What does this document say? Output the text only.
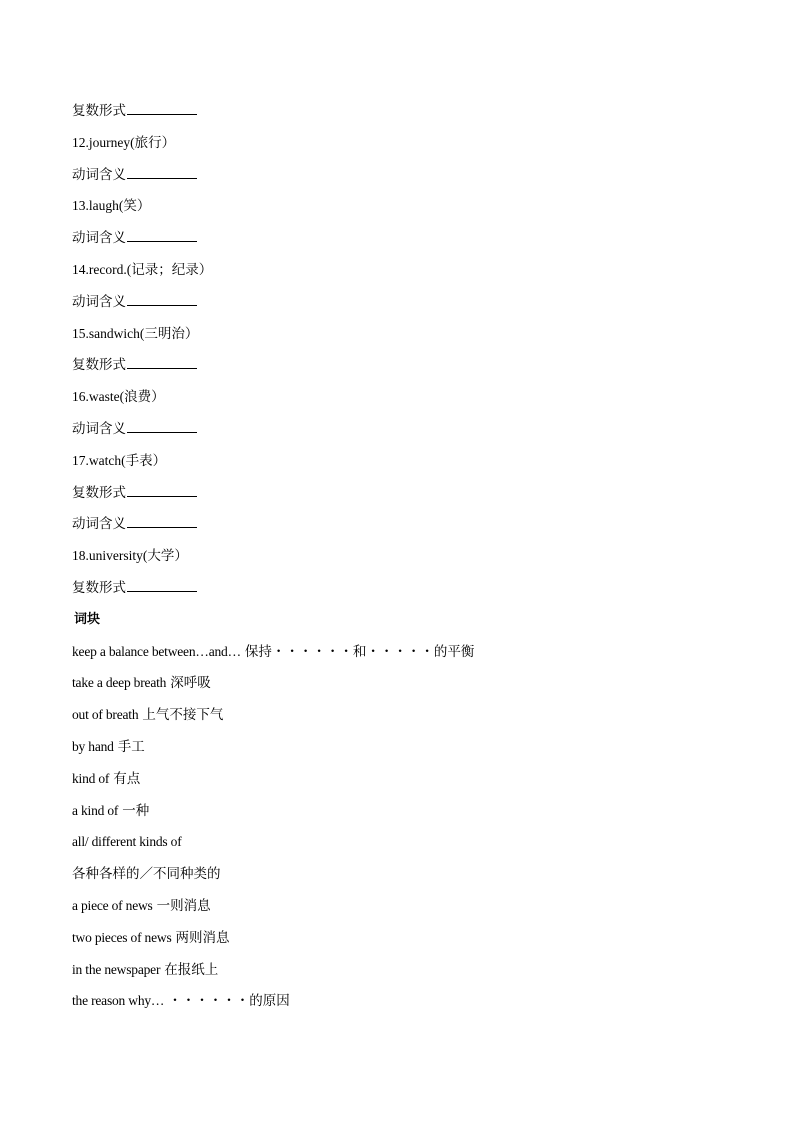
复数形式
12.journey(旅行）
动词含义
13.laugh(笑）
动词含义
14.record.(记录；纪录）
动词含义
15.sandwich(三明治）
复数形式
16.waste(浪费）
动词含义
17.watch(手表）
复数形式
动词含义
18.university(大学）
复数形式
词块
keep a balance between…and… 保持・・・・・・和・・・・・的平衡
take a deep breath 深呼吸
out of breath 上气不接下气
by hand 手工
kind of 有点
a kind of 一种
all/ different kinds of
各种各样的／不同种类的
a piece of news 一则消息
two pieces of news 两则消息
in the newspaper 在报纸上
the reason why… ・・・・・・的原因
